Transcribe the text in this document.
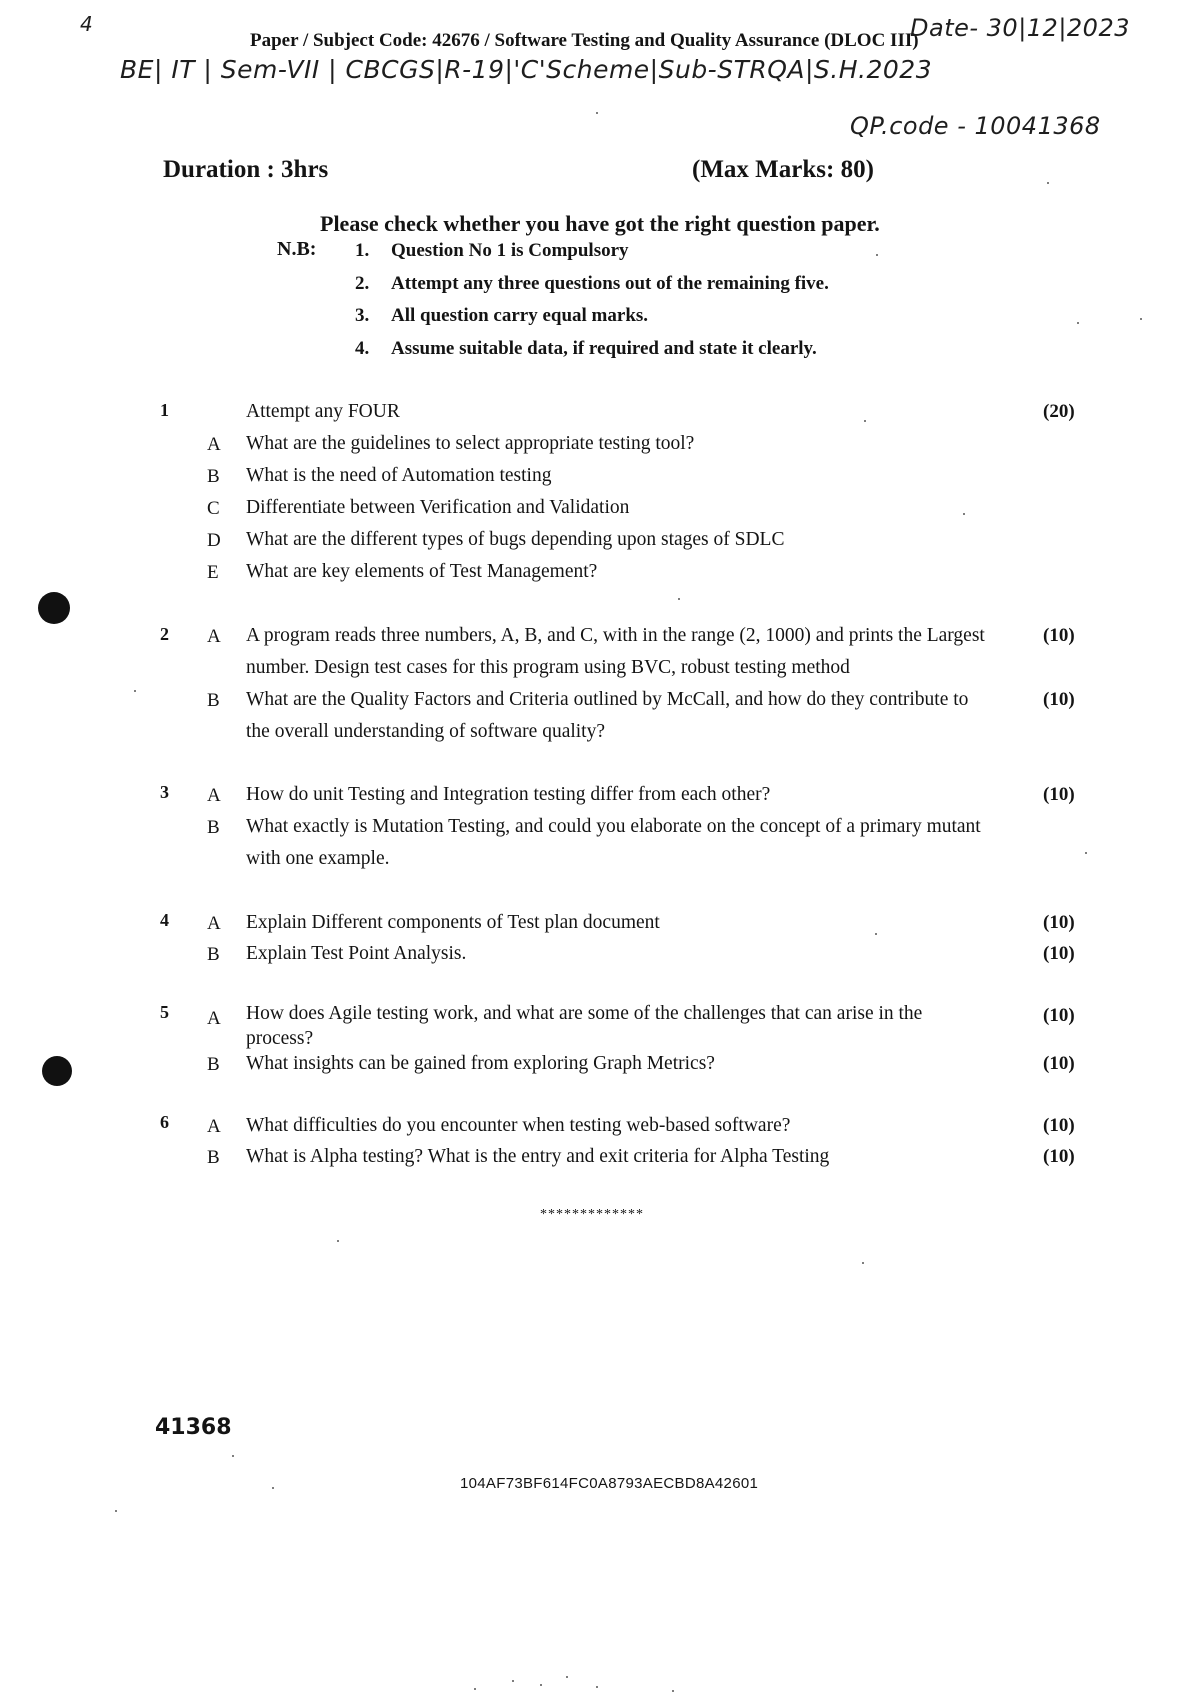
4
Paper / Subject Code: 42676 / Software Testing and Quality Assurance (DLOC III)
Date- 30|12|2023
BE| IT | Sem-VII | CBCGS|R-19|'C'Scheme|Sub-STRQA|S.H.2023
QP.code - 10041368
Duration : 3hrs	(Max Marks: 80)
Please check whether you have got the right question paper.
N.B: 1. Question No 1 is Compulsory
2. Attempt any three questions out of the remaining five.
3. All question carry equal marks.
4. Assume suitable data, if required and state it clearly.
1	Attempt any FOUR	(20)
A What are the guidelines to select appropriate testing tool?
B What is the need of Automation testing
C Differentiate between Verification and Validation
D What are the different types of bugs depending upon stages of SDLC
E What are key elements of Test Management?
2 A A program reads three numbers, A, B, and C, with in the range (2, 1000) and prints the Largest
number. Design test cases for this program using BVC, robust testing method
(10)
B What are the Quality Factors and Criteria outlined by McCall, and how do they contribute to
the overall understanding of software quality?
(10)
3 A How do unit Testing and Integration testing differ from each other?	(10)
B What exactly is Mutation Testing, and could you elaborate on the concept of a primary mutant
with one example.
4 A Explain Different components of Test plan document	(10)
B Explain Test Point Analysis.	(10)
5 A How does Agile testing work, and what are some of the challenges that can arise in the
process?
(10)
B What insights can be gained from exploring Graph Metrics?	(10)
6 A What difficulties do you encounter when testing web-based software?	(10)
B What is Alpha testing? What is the entry and exit criteria for Alpha Testing	(10)
*************
41368
104AF73BF614FC0A8793AECBD8A42601
